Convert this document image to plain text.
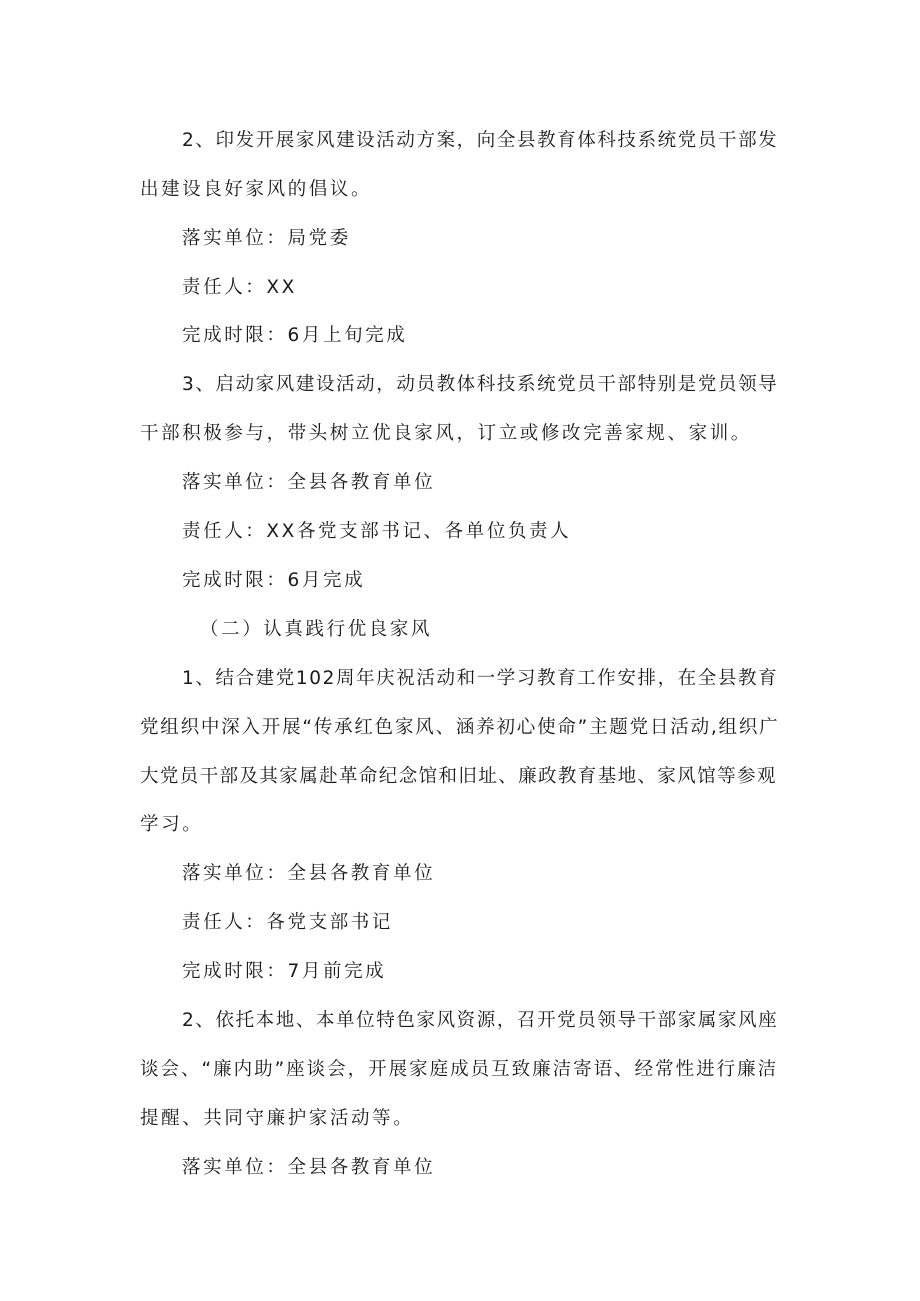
2、印发开展家风建设活动方案，向全县教育体科技系统党员干部发
出建设良好家风的倡议。
落实单位：局党委
责任人：XX
完成时限：6月上旬完成
3、启动家风建设活动，动员教体科技系统党员干部特别是党员领导
干部积极参与，带头树立优良家风，订立或修改完善家规、家训。
落实单位：全县各教育单位
责任人：XX各党支部书记、各单位负责人
完成时限：6月完成
（二）认真践行优良家风
1、结合建党102周年庆祝活动和一学习教育工作安排，在全县教育
党组织中深入开展“传承红色家风、涵养初心使命”主题党日活动,组织广
大党员干部及其家属赴革命纪念馆和旧址、廉政教育基地、家风馆等参观
学习。
落实单位：全县各教育单位
责任人：各党支部书记
完成时限：7月前完成
2、依托本地、本单位特色家风资源，召开党员领导干部家属家风座
谈会、“廉内助”座谈会，开展家庭成员互致廉洁寄语、经常性进行廉洁
提醒、共同守廉护家活动等。
落实单位：全县各教育单位
